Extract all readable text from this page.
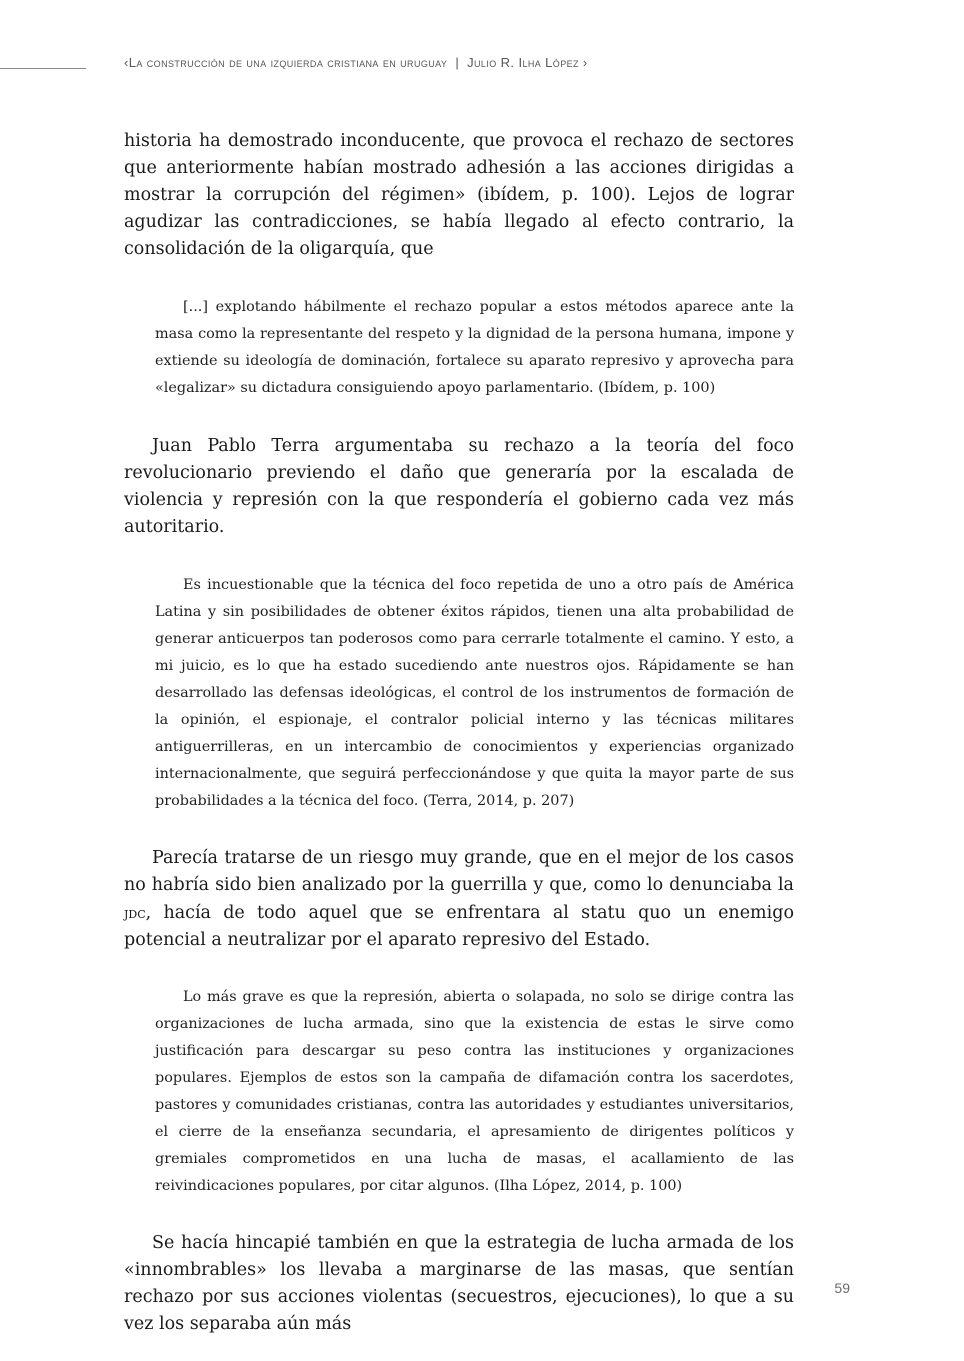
‹La construcción de una izquierda cristiana en uruguay | Julio R. Ilha López ›

historia ha demostrado inconducente, que provoca el rechazo de sectores que anteriormente habían mostrado adhesión a las acciones dirigidas a mostrar la corrupción del régimen» (ibídem, p. 100). Lejos de lograr agudizar las contradicciones, se había llegado al efecto contrario, la consolidación de la oligarquía, que

[...] explotando hábilmente el rechazo popular a estos métodos aparece ante la masa como la representante del respeto y la dignidad de la persona humana, impone y extiende su ideología de dominación, fortalece su aparato represivo y aprovecha para «legalizar» su dictadura consiguiendo apoyo parlamentario. (Ibídem, p. 100)

Juan Pablo Terra argumentaba su rechazo a la teoría del foco revolucionario previendo el daño que generaría por la escalada de violencia y represión con la que respondería el gobierno cada vez más autoritario.

Es incuestionable que la técnica del foco repetida de uno a otro país de América Latina y sin posibilidades de obtener éxitos rápidos, tienen una alta probabilidad de generar anticuerpos tan poderosos como para cerrarle totalmente el camino. Y esto, a mi juicio, es lo que ha estado sucediendo ante nuestros ojos. Rápidamente se han desarrollado las defensas ideológicas, el control de los instrumentos de formación de la opinión, el espionaje, el contralor policial interno y las técnicas militares antiguerrilleras, en un intercambio de conocimientos y experiencias organizado internacionalmente, que seguirá perfeccionándose y que quita la mayor parte de sus probabilidades a la técnica del foco. (Terra, 2014, p. 207)

Parecía tratarse de un riesgo muy grande, que en el mejor de los casos no habría sido bien analizado por la guerrilla y que, como lo denunciaba la jdc, hacía de todo aquel que se enfrentara al statu quo un enemigo potencial a neutralizar por el aparato represivo del Estado.

Lo más grave es que la represión, abierta o solapada, no solo se dirige contra las organizaciones de lucha armada, sino que la existencia de estas le sirve como justificación para descargar su peso contra las instituciones y organizaciones populares. Ejemplos de estos son la campaña de difamación contra los sacerdotes, pastores y comunidades cristianas, contra las autoridades y estudiantes universitarios, el cierre de la enseñanza secundaria, el apresamiento de dirigentes políticos y gremiales comprometidos en una lucha de masas, el acallamiento de las reivindicaciones populares, por citar algunos. (Ilha López, 2014, p. 100)

Se hacía hincapié también en que la estrategia de lucha armada de los «innombrables» los llevaba a marginarse de las masas, que sentían rechazo por sus acciones violentas (secuestros, ejecuciones), lo que a su vez los separaba aún más

59
